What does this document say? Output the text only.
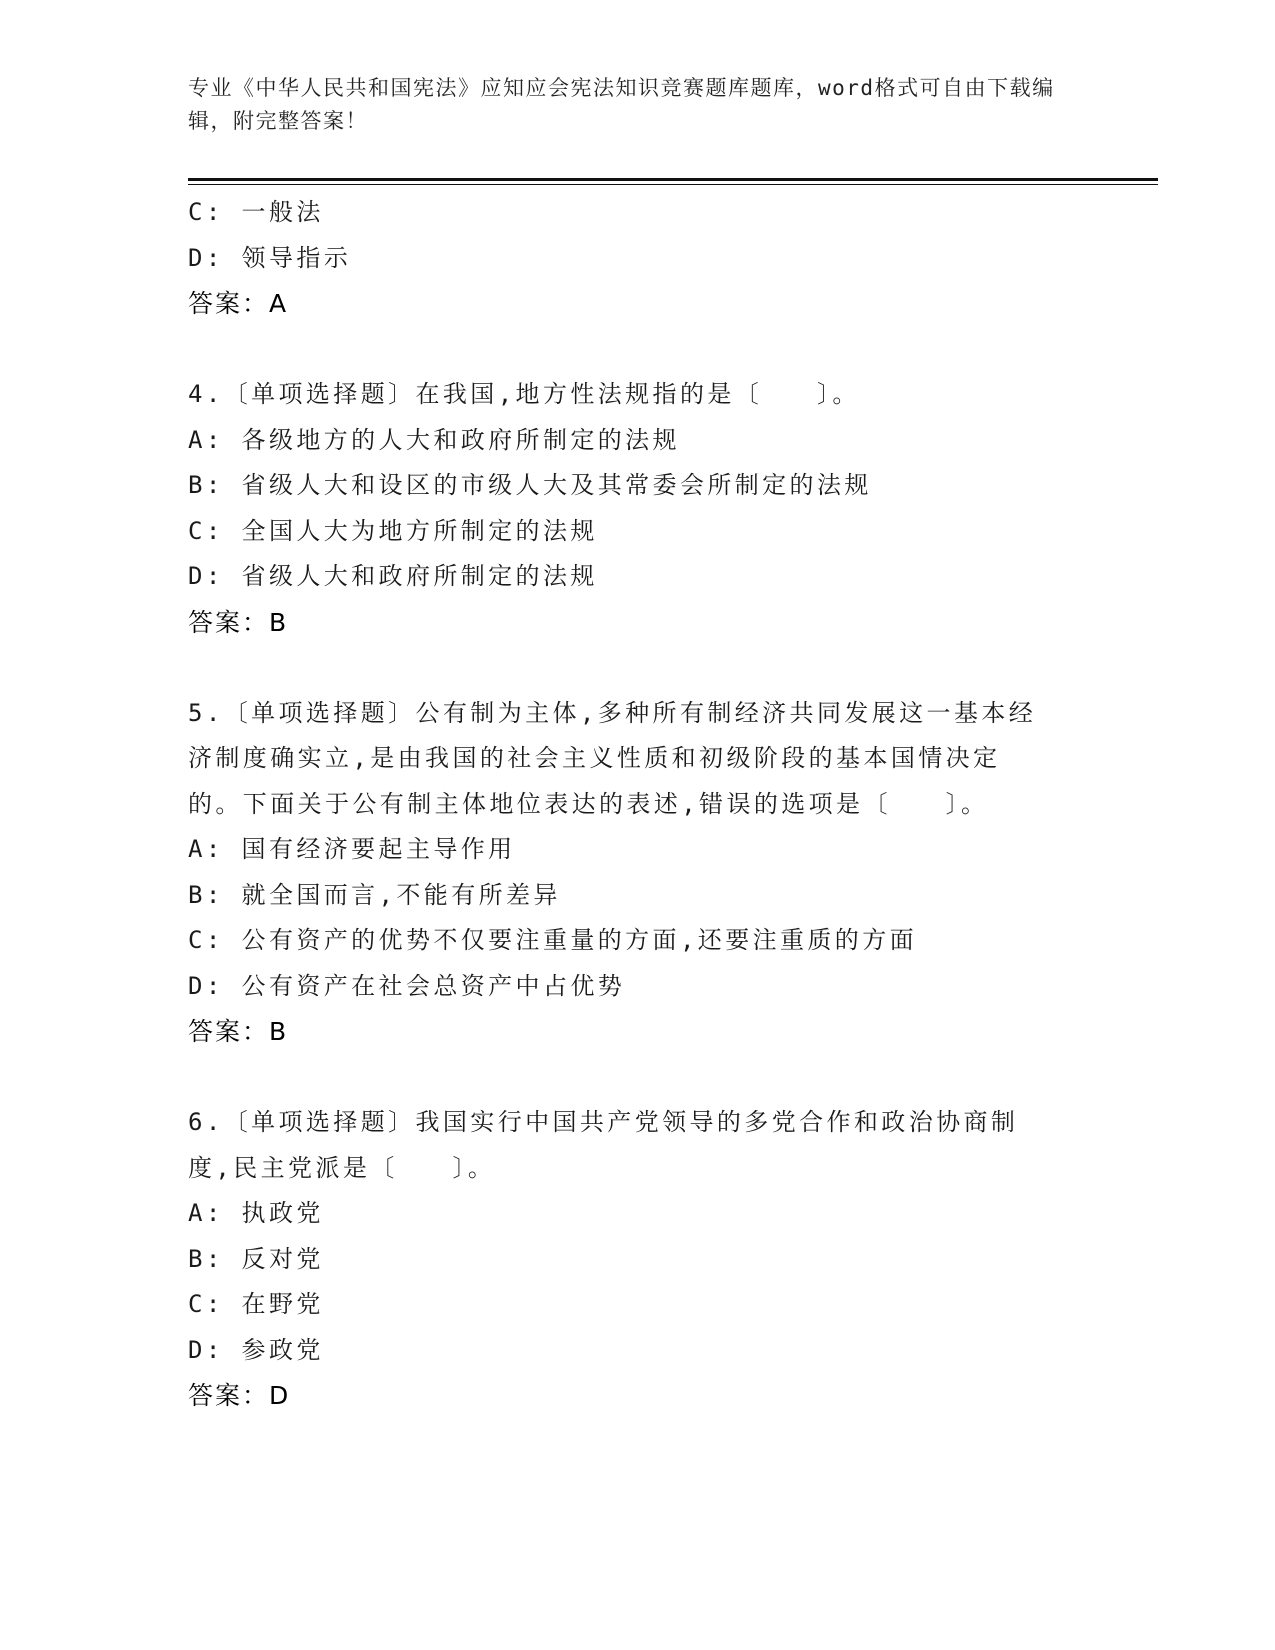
专业《中华人民共和国宪法》应知应会宪法知识竞赛题库题库，word格式可自由下载编辑，附完整答案！
C: 一般法
D: 领导指示
答案：A
4.〔单项选择题〕在我国,地方性法规指的是〔　　〕。
A: 各级地方的人大和政府所制定的法规
B: 省级人大和设区的市级人大及其常委会所制定的法规
C: 全国人大为地方所制定的法规
D: 省级人大和政府所制定的法规
答案：B
5.〔单项选择题〕公有制为主体,多种所有制经济共同发展这一基本经济制度确实立,是由我国的社会主义性质和初级阶段的基本国情决定的。下面关于公有制主体地位表达的表述,错误的选项是〔　　〕。
A: 国有经济要起主导作用
B: 就全国而言,不能有所差异
C: 公有资产的优势不仅要注重量的方面,还要注重质的方面
D: 公有资产在社会总资产中占优势
答案：B
6.〔单项选择题〕我国实行中国共产党领导的多党合作和政治协商制度,民主党派是〔　　〕。
A: 执政党
B: 反对党
C: 在野党
D: 参政党
答案：D
